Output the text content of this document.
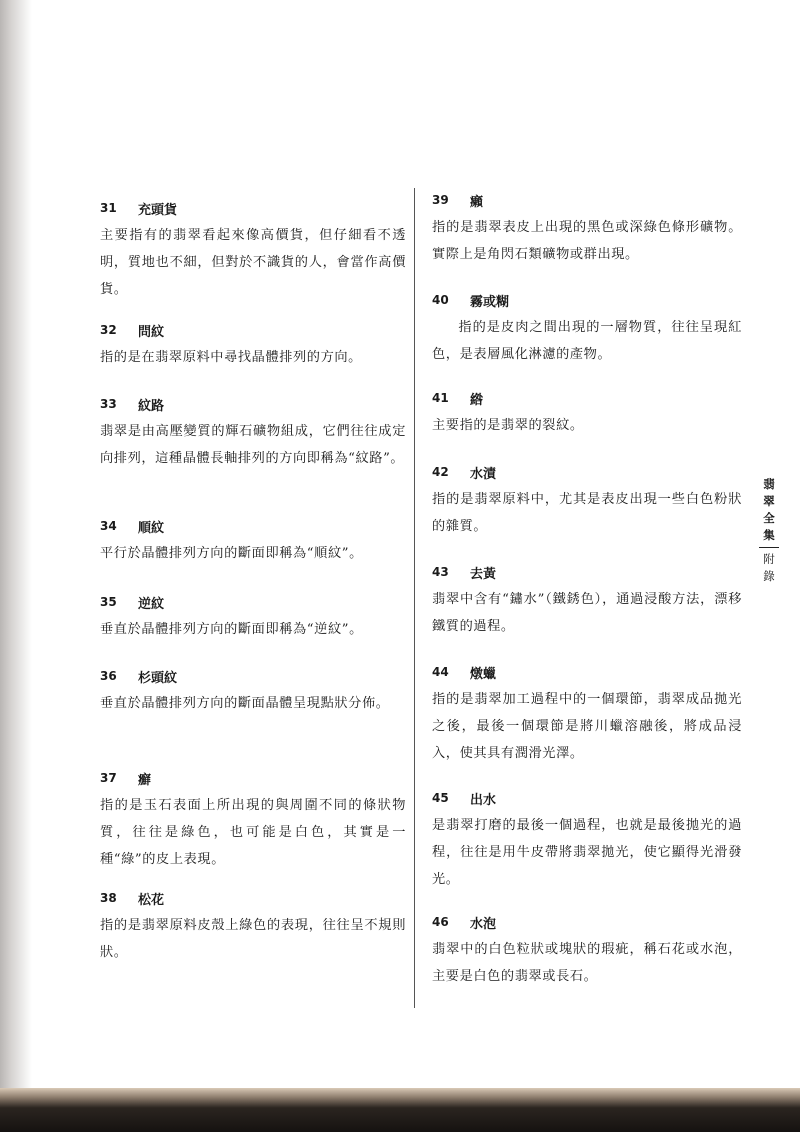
31	充頭貨
主要指有的翡翠看起來像高價貨，但仔細看不透明，質地也不細，但對於不識貨的人，會當作高價貨。
32	問紋
指的是在翡翠原料中尋找晶體排列的方向。
33	紋路
翡翠是由高壓變質的輝石礦物組成，它們往往成定向排列，這種晶體長軸排列的方向即稱為“紋路”。
34	順紋
平行於晶體排列方向的斷面即稱為“順紋”。
35	逆紋
垂直於晶體排列方向的斷面即稱為“逆紋”。
36	杉頭紋
垂直於晶體排列方向的斷面晶體呈現點狀分佈。
37	癬
指的是玉石表面上所出現的與周圍不同的條狀物質，往往是綠色，也可能是白色，其實是一種“綠”的皮上表現。
38	松花
指的是翡翠原料皮殼上綠色的表現，往往呈不規則狀。
39	癩
指的是翡翠表皮上出現的黑色或深綠色條形礦物。實際上是角閃石類礦物或群出現。
40	霧或糊
指的是皮肉之間出現的一層物質，往往呈現紅色，是表層風化淋濾的產物。
41	綹
主要指的是翡翠的裂紋。
42	水漬
指的是翡翠原料中，尤其是表皮出現一些白色粉狀的雜質。
43	去黃
翡翠中含有“鏽水”（鐵銹色），通過浸酸方法，漂移鐵質的過程。
44	燉蠟
指的是翡翠加工過程中的一個環節，翡翠成品拋光之後，最後一個環節是將川蠟溶融後，將成品浸入，使其具有潤滑光澤。
45	出水
是翡翠打磨的最後一個過程，也就是最後拋光的過程，往往是用牛皮帶將翡翠拋光，使它顯得光滑發光。
46	水泡
翡翠中的白色粒狀或塊狀的瑕疵，稱石花或水泡，主要是白色的翡翠或長石。
翡
翠
全
集
附
錄
